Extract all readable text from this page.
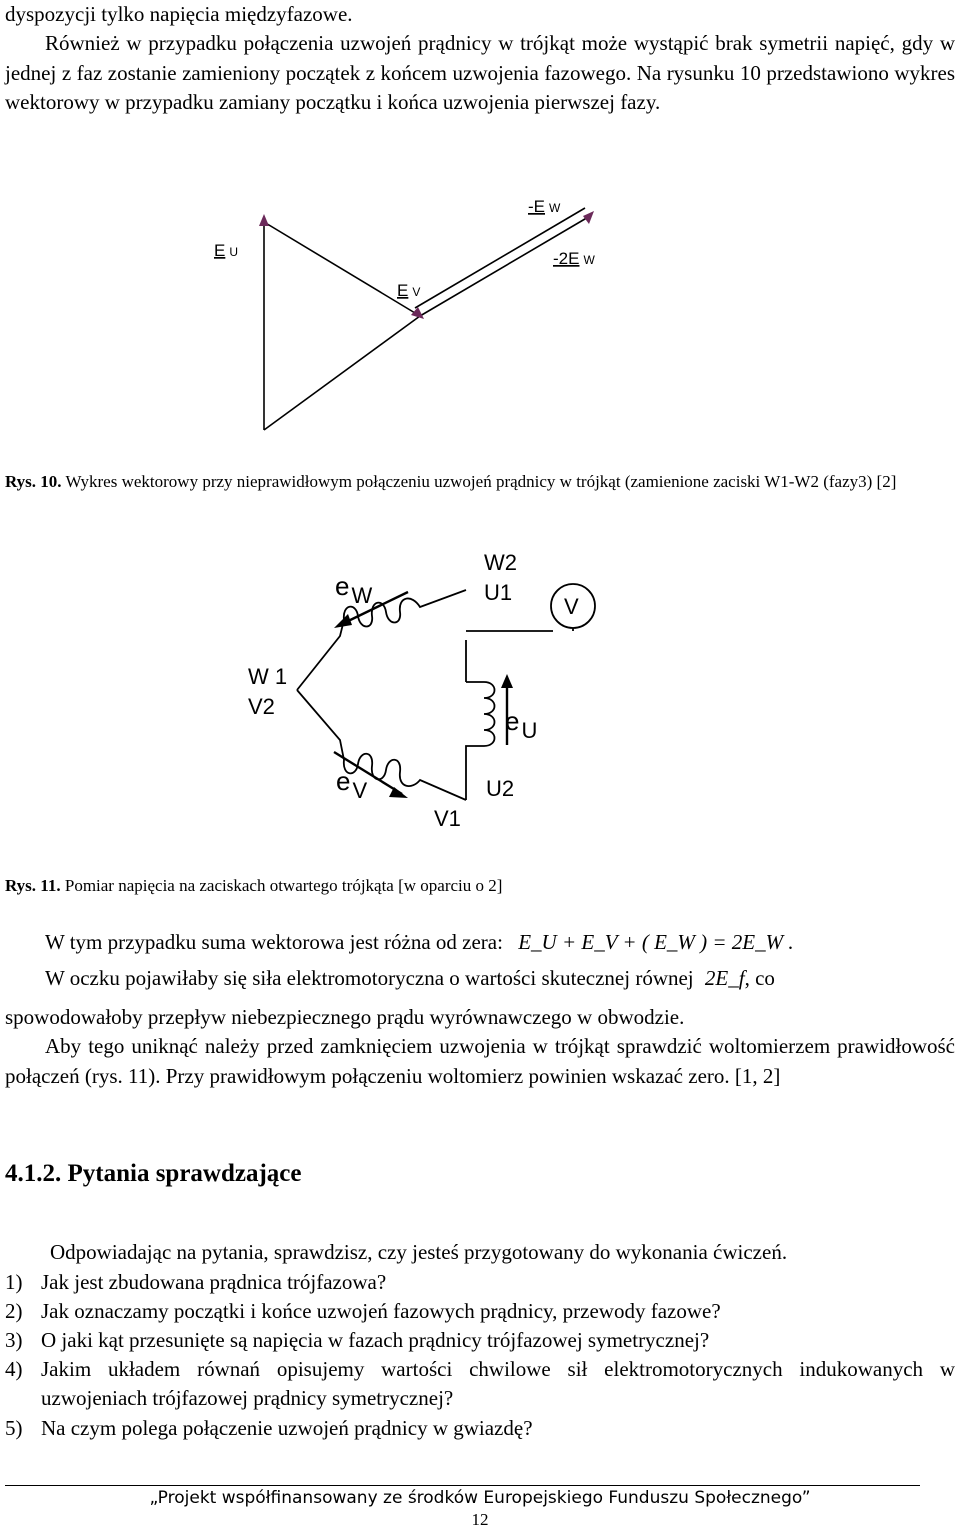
dyspozycji tylko napięcia międzyfazowe.
Również w przypadku połączenia uzwojeń prądnicy w trójkąt może wystąpić brak symetrii napięć, gdy w jednej z faz zostanie zamieniony początek z końcem uzwojenia fazowego. Na rysunku 10 przedstawiono wykres wektorowy w przypadku zamiany początku i końca uzwojenia pierwszej fazy.
E U
E V
-E W
-2E W
Rys. 10. Wykres wektorowy przy nieprawidłowym połączeniu uzwojeń prądnicy w trójkąt (zamienione zaciski W1-W2 (fazy3) [2]
eW
W2
U1
V
W 1
V2	eU
eV	U2
V1
Rys. 11. Pomiar napięcia na zaciskach otwartego trójkąta [w oparciu o 2]
W tym przypadku suma wektorowa jest różna od zera: E_U + E_V + ( E_W ) = 2E_W .
W oczku pojawiłaby się siła elektromotoryczna o wartości skutecznej równej 2E_f, co
spowodowałoby przepływ niebezpiecznego prądu wyrównawczego w obwodzie.
Aby tego uniknąć należy przed zamknięciem uzwojenia w trójkąt sprawdzić woltomierzem prawidłowość połączeń (rys. 11). Przy prawidłowym połączeniu woltomierz powinien wskazać zero. [1, 2]
4.1.2. Pytania sprawdzające
Odpowiadając na pytania, sprawdzisz, czy jesteś przygotowany do wykonania ćwiczeń.
1) Jak jest zbudowana prądnica trójfazowa?
2) Jak oznaczamy początki i końce uzwojeń fazowych prądnicy, przewody fazowe?
3) O jaki kąt przesunięte są napięcia w fazach prądnicy trójfazowej symetrycznej?
4) Jakim układem równań opisujemy wartości chwilowe sił elektromotorycznych indukowanych w uzwojeniach trójfazowej prądnicy symetrycznej?
5) Na czym polega połączenie uzwojeń prądnicy w gwiazdę?
„Projekt współfinansowany ze środków Europejskiego Funduszu Społecznego”
12
